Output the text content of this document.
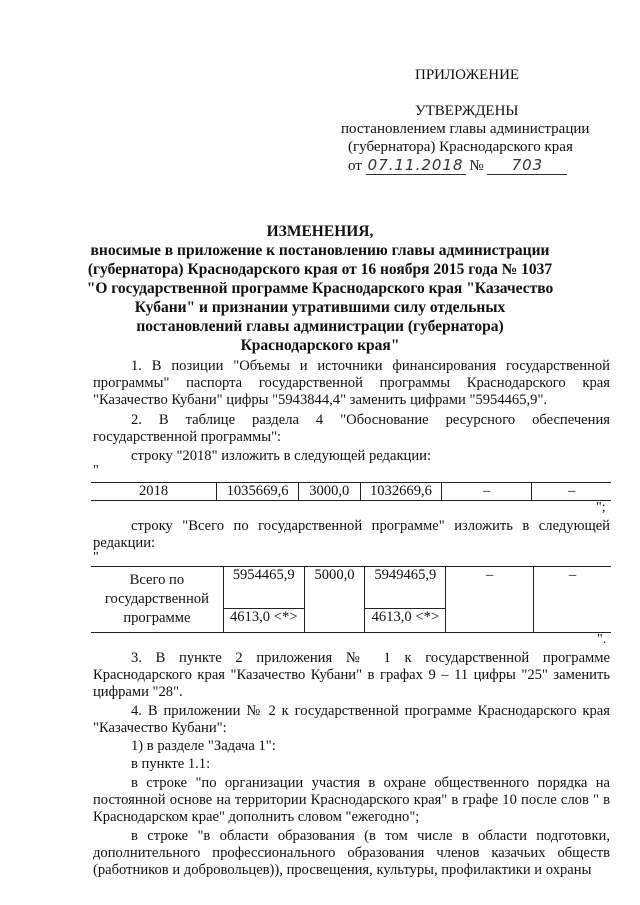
ПРИЛОЖЕНИЕ
УТВЕРЖДЕНЫ
постановлением главы администрации
(губернатора) Краснодарского края
от 07.11.2018 № 703
ИЗМЕНЕНИЯ,
вносимые в приложение к постановлению главы администрации (губернатора) Краснодарского края от 16 ноября 2015 года № 1037 "О государственной программе Краснодарского края "Казачество Кубани" и признании утратившими силу отдельных постановлений главы администрации (губернатора) Краснодарского края"

1. В позиции "Объемы и источники финансирования государственной программы" паспорта государственной программы Краснодарского края "Казачество Кубани" цифры "5943844,4" заменить цифрами "5954465,9".

2. В таблице раздела 4 "Обоснование ресурсного обеспечения государственной программы":

строку "2018" изложить в следующей редакции:

"
2018	1035669,6	3000,0	1032669,6	–	–
";

строку "Всего по государственной программе" изложить в следующей редакции:

"
Всего по государственной программе	5954465,9	5000,0	5949465,9	–	–
	4613,0 <*>		4613,0 <*>		
".

3. В пункте 2 приложения № 1 к государственной программе Краснодарского края "Казачество Кубани" в графах 9 – 11 цифры "25" заменить цифрами "28".

4. В приложении № 2 к государственной программе Краснодарского края "Казачество Кубани":

1) в разделе "Задача 1":

в пункте 1.1:

в строке "по организации участия в охране общественного порядка на постоянной основе на территории Краснодарского края" в графе 10 после слов " в Краснодарском крае" дополнить словом "ежегодно";

в строке "в области образования (в том числе в области подготовки, дополнительного профессионального образования членов казачьих обществ (работников и добровольцев)), просвещения, культуры, профилактики и охраны
